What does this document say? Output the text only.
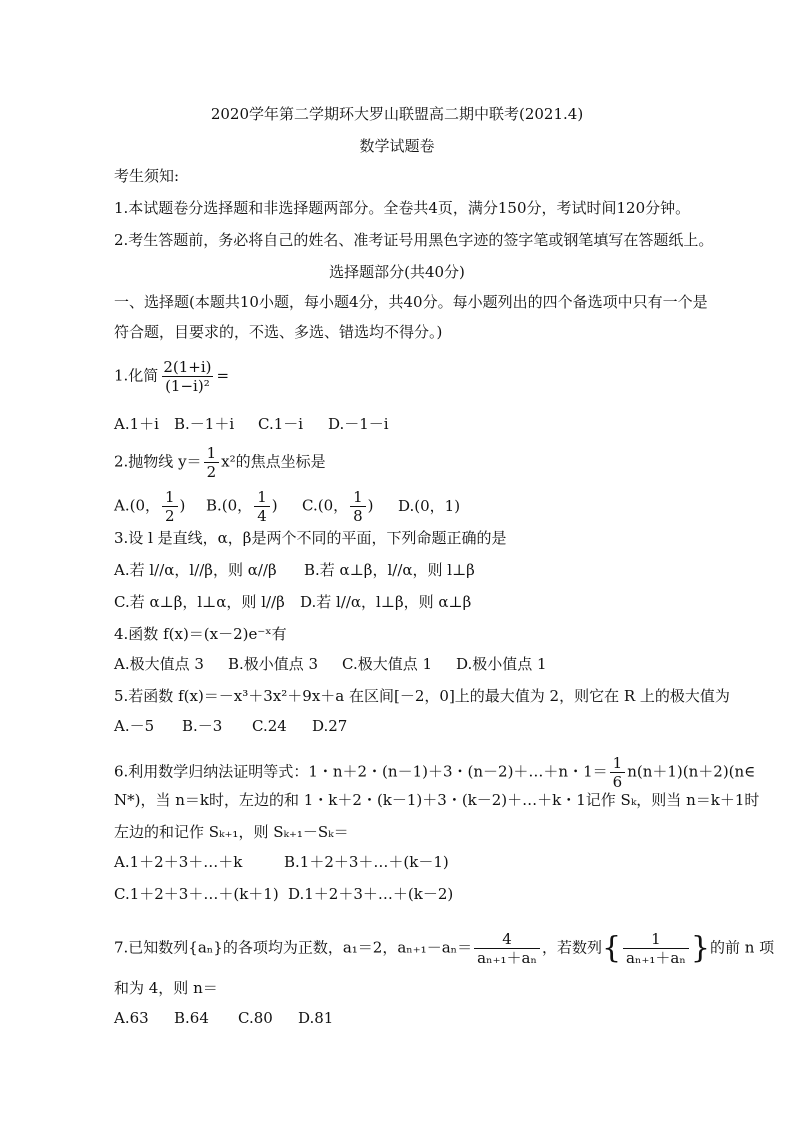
2020学年第二学期环大罗山联盟高二期中联考(2021.4)
数学试题卷
考生须知:
1.本试题卷分选择题和非选择题两部分。全卷共4页，满分150分，考试时间120分钟。
2.考生答题前，务必将自己的姓名、准考证号用黑色字迹的签字笔或钢笔填写在答题纸上。
选择题部分(共40分)
一、选择题(本题共10小题，每小题4分，共40分。每小题列出的四个备选项中只有一个是
符合题，目要求的，不选、多选、错选均不得分。)
1.化简 $\frac{2(1+i)}{\text{(1−i)²}}$ =
A.1＋i B.－1＋i C.1－i D.－1－i
2.抛物线 $y= \frac{1}{2} x^2$的焦点坐标是
A.(0， $\frac{1}{2}$ ) B.(0， $\frac{1}{4}$ ) C.(0， $\frac{1}{8}$ ) D.(0，1)
3.设 l 是直线，α，β是两个不同的平面，下列命题正确的是
A.若 l//α，l//β，则 α//β B.若 α⊥β，l//α，则 l⊥β
C.若 α⊥β，l⊥α，则 l//β D.若 l//α，l⊥β，则 α⊥β
4.函数 f(x)＝(x－2)e⁻ˣ有
A.极大值点 3 B.极小值点 3 C.极大值点 1 D.极小值点 1
5.若函数 f(x)＝－x³＋3x²＋9x＋a 在区间[－2，0]上的最大值为 2，则它在 R 上的极大值为
A.－5 B.－3 C.24 D.27
6.利用数学归纳法证明等式：1・n＋2・(n－1)＋3・(n－2)＋…＋n・$1= \frac{1}{6}$ n(n＋1)(n＋2)(n∈
N*)，当 n＝k时，左边的和 1・k＋2・(k－1)＋3・(k－2)＋…＋k・1记作 Sₖ，则当 n＝k＋1时
左边的和记作 Sₖ₊₁，则 Sₖ₊₁－Sₖ＝
A.1＋2＋3＋…＋k	B.1＋2＋3＋…＋(k－1)
C.1＋2＋3＋…＋(k＋1) D.1＋2＋3＋…＋(k－2)
7.已知数列{aₙ}的各项均为正数，a₁＝2，$a_{n+1}-a_n= \frac{4}{\text{aₙ₊₁＋aₙ}}$ ，若数列{ $\frac{1}{\text{aₙ₊₁＋aₙ}}$ }的前 n 项
和为 4，则 n＝
A.63 B.64 C.80 D.81
